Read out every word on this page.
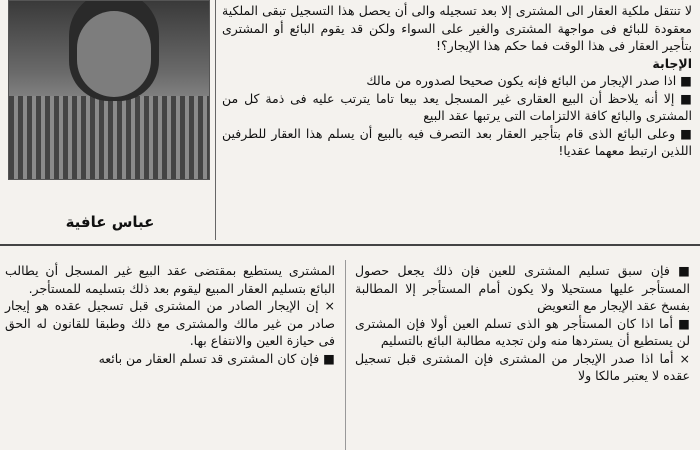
عباس عافية

لا تنتقل ملكية العقار الى المشترى إلا بعد تسجيله والى أن يحصل هذا التسجيل تبقى الملكية معقودة للبائع فى مواجهة المشترى والغير على السواء ولكن قد يقوم البائع أو المشترى بتأجير العقار فى هذا الوقت فما حكم هذا الإيجار؟!

الإجابة

■ اذا صدر الإيجار من البائع فإنه يكون صحيحا لصدوره من مالك

■ إلا أنه يلاحظ أن البيع العقارى غير المسجل يعد بيعا تاما يترتب عليه فى ذمة كل من المشترى والبائع كافة الالتزامات التى يرتبها عقد البيع

■ وعلى البائع الذى قام بتأجير العقار بعد التصرف فيه بالبيع أن يسلم هذا العقار للطرفين اللذين ارتبط معهما عقديا!

■ فإن سبق تسليم المشترى للعين فإن ذلك يجعل حصول المستأجر عليها مستحيلا ولا يكون أمام المستأجر إلا المطالبة بفسخ عقد الإيجار مع التعويض

■ أما اذا كان المستأجر هو الذى تسلم العين أولا فإن المشترى لن يستطيع أن يستردها منه ولن تجديه مطالبة البائع بالتسليم

× أما اذا صدر الإيجار من المشترى فإن المشترى قبل تسجيل عقده لا يعتبر مالكا ولا

المشترى يستطيع بمقتضى عقد البيع غير المسجل أن يطالب البائع بتسليم العقار المبيع ليقوم بعد ذلك بتسليمه للمستأجر.

× إن الإيجار الصادر من المشترى قبل تسجيل عقده هو إيجار صادر من غير مالك والمشترى مع ذلك وطبقا للقانون له الحق فى حيازة العين والانتفاع بها.

■ فإن كان المشترى قد تسلم العقار من بائعه
